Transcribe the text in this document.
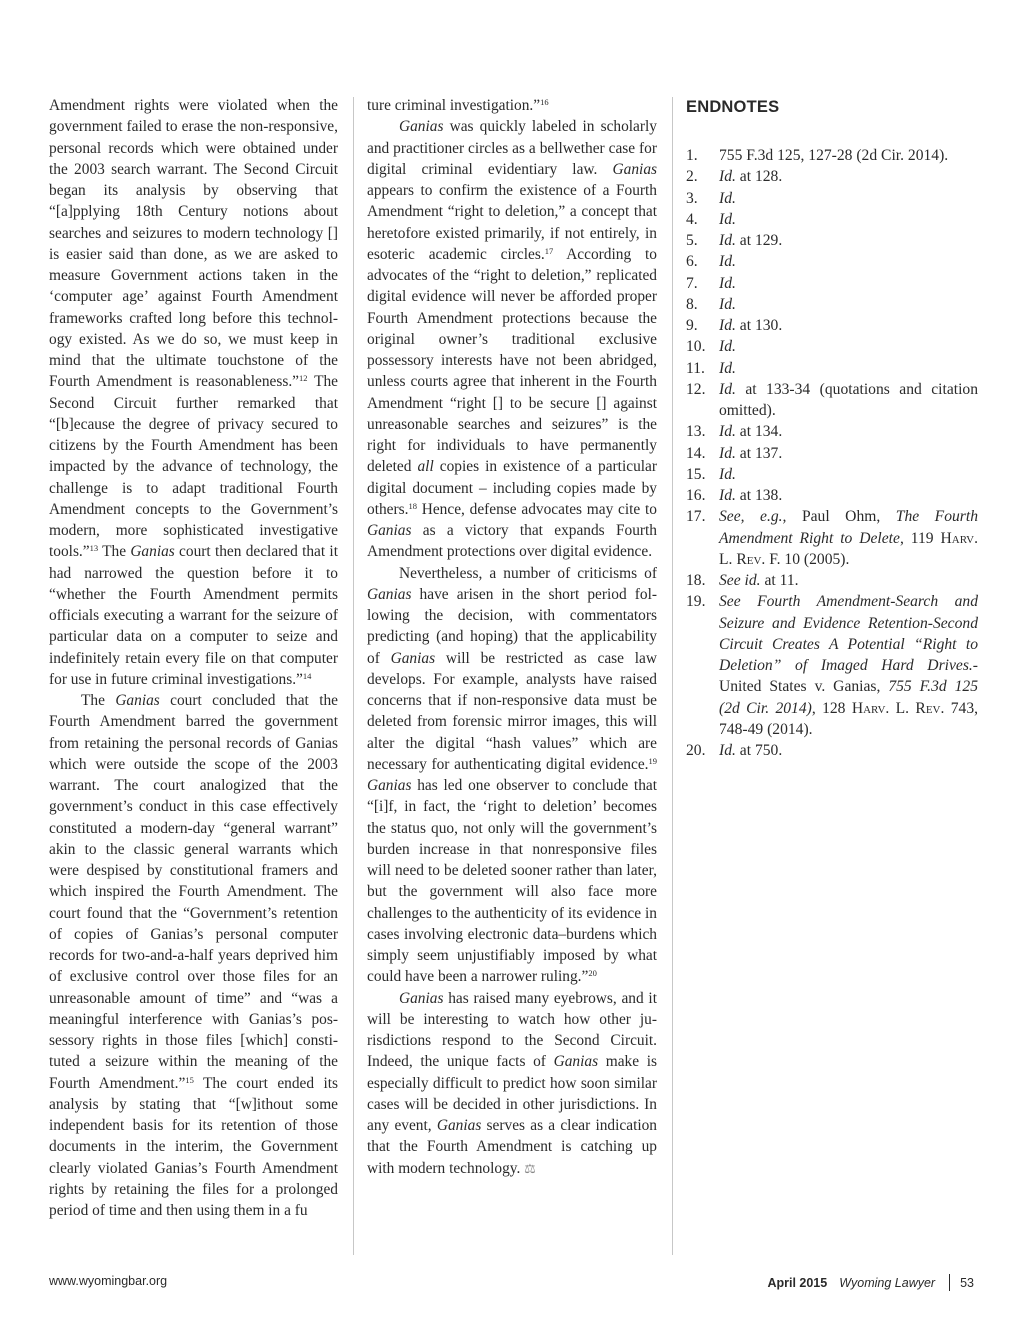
Amendment rights were violated when the government failed to erase the non-responsive, personal records which were obtained under the 2003 search warrant. The Second Circuit began its analysis by observing that “[a]pplying 18th Century notions about searches and seizures to modern technology [] is easier said than done, as we are asked to measure Government actions taken in the ‘computer age’ against Fourth Amendment frameworks crafted long before this technology existed. As we do so, we must keep in mind that the ultimate touchstone of the Fourth Amendment is reasonableness.”$^{12}$ The Second Circuit further remarked that “[b]ecause the degree of privacy secured to citizens by the Fourth Amendment has been impacted by the advance of technology, the challenge is to adapt traditional Fourth Amendment concepts to the Government’s modern, more sophisticated investigative tools.”$^{13}$ The Ganias court then declared that it had narrowed the question before it to “whether the Fourth Amendment permits officials executing a warrant for the seizure of particular data on a computer to seize and indefinitely retain every file on that computer for use in future criminal investigations.”$^{14}$

The Ganias court concluded that the Fourth Amendment barred the government from retaining the personal records of Ganias which were outside the scope of the 2003 warrant. The court analogized that the government’s conduct in this case effectively constituted a modern-day “general warrant” akin to the classic general warrants which were despised by constitutional framers and which inspired the Fourth Amendment. The court found that the “Government’s retention of copies of Ganias’s personal computer records for two-and-a-half years deprived him of exclusive control over those files for an unreasonable amount of time” and “was a meaningful interference with Ganias’s possessory rights in those files [which] constituted a seizure within the meaning of the Fourth Amendment.”$^{15}$ The court ended its analysis by stating that “[w]ithout some independent basis for its retention of those documents in the interim, the Government clearly violated Ganias’s Fourth Amendment rights by retaining the files for a prolonged period of time and then using them in a fu

ture criminal investigation.”$^{16}$

Ganias was quickly labeled in scholarly and practitioner circles as a bellwether case for digital criminal evidentiary law. Ganias appears to confirm the existence of a Fourth Amendment “right to deletion,” a concept that heretofore existed primarily, if not entirely, in esoteric academic circles.$^{17}$ According to advocates of the “right to deletion,” replicated digital evidence will never be afforded proper Fourth Amendment protections because the original owner’s traditional exclusive possessory interests have not been abridged, unless courts agree that inherent in the Fourth Amendment “right [] to be secure [] against unreasonable searches and seizures” is the right for individuals to have permanently deleted all copies in existence of a particular digital document – including copies made by others.$^{18}$ Hence, defense advocates may cite to Ganias as a victory that expands Fourth Amendment protections over digital evidence.

Nevertheless, a number of criticisms of Ganias have arisen in the short period following the decision, with commentators predicting (and hoping) that the applicability of Ganias will be restricted as case law develops. For example, analysts have raised concerns that if non-responsive data must be deleted from forensic mirror images, this will alter the digital “hash values” which are necessary for authenticating digital evidence.$^{19}$ Ganias has led one observer to conclude that “[i]f, in fact, the ‘right to deletion’ becomes the status quo, not only will the government’s burden increase in that nonresponsive files will need to be deleted sooner rather than later, but the government will also face more challenges to the authenticity of its evidence in cases involving electronic data–burdens which simply seem unjustifiably imposed by what could have been a narrower ruling.”$^{20}$

Ganias has raised many eyebrows, and it will be interesting to watch how other jurisdictions respond to the Second Circuit. Indeed, the unique facts of Ganias make is especially difficult to predict how soon similar cases will be decided in other jurisdictions. In any event, Ganias serves as a clear indication that the Fourth Amendment is catching up with modern technology. ⚖

ENDNOTES
1.	755 F.3d 125, 127-28 (2d Cir. 2014).
2.	Id. at 128.
3.	Id.
4.	Id.
5.	Id. at 129.
6.	Id.
7.	Id.
8.	Id.
9.	Id. at 130.
10. Id.
11. Id.
12. Id. at 133-34 (quotations and citation omitted).
13. Id. at 134.
14. Id. at 137.
15. Id.
16. Id. at 138.
17. See, e.g., Paul Ohm, The Fourth Amendment Right to Delete, 119 Harv. L. Rev. F. 10 (2005).
18. See id. at 11.
19. See Fourth Amendment-Search and Seizure and Evidence Retention-Second Circuit Creates A Potential “Right to Deletion” of Imaged Hard Drives.-United States v. Ganias, 755 F.3d 125 (2d Cir. 2014), 128 Harv. L. Rev. 743, 748-49 (2014).
20. Id. at 750.
www.wyomingbar.org	April 2015 Wyoming Lawyer 53
